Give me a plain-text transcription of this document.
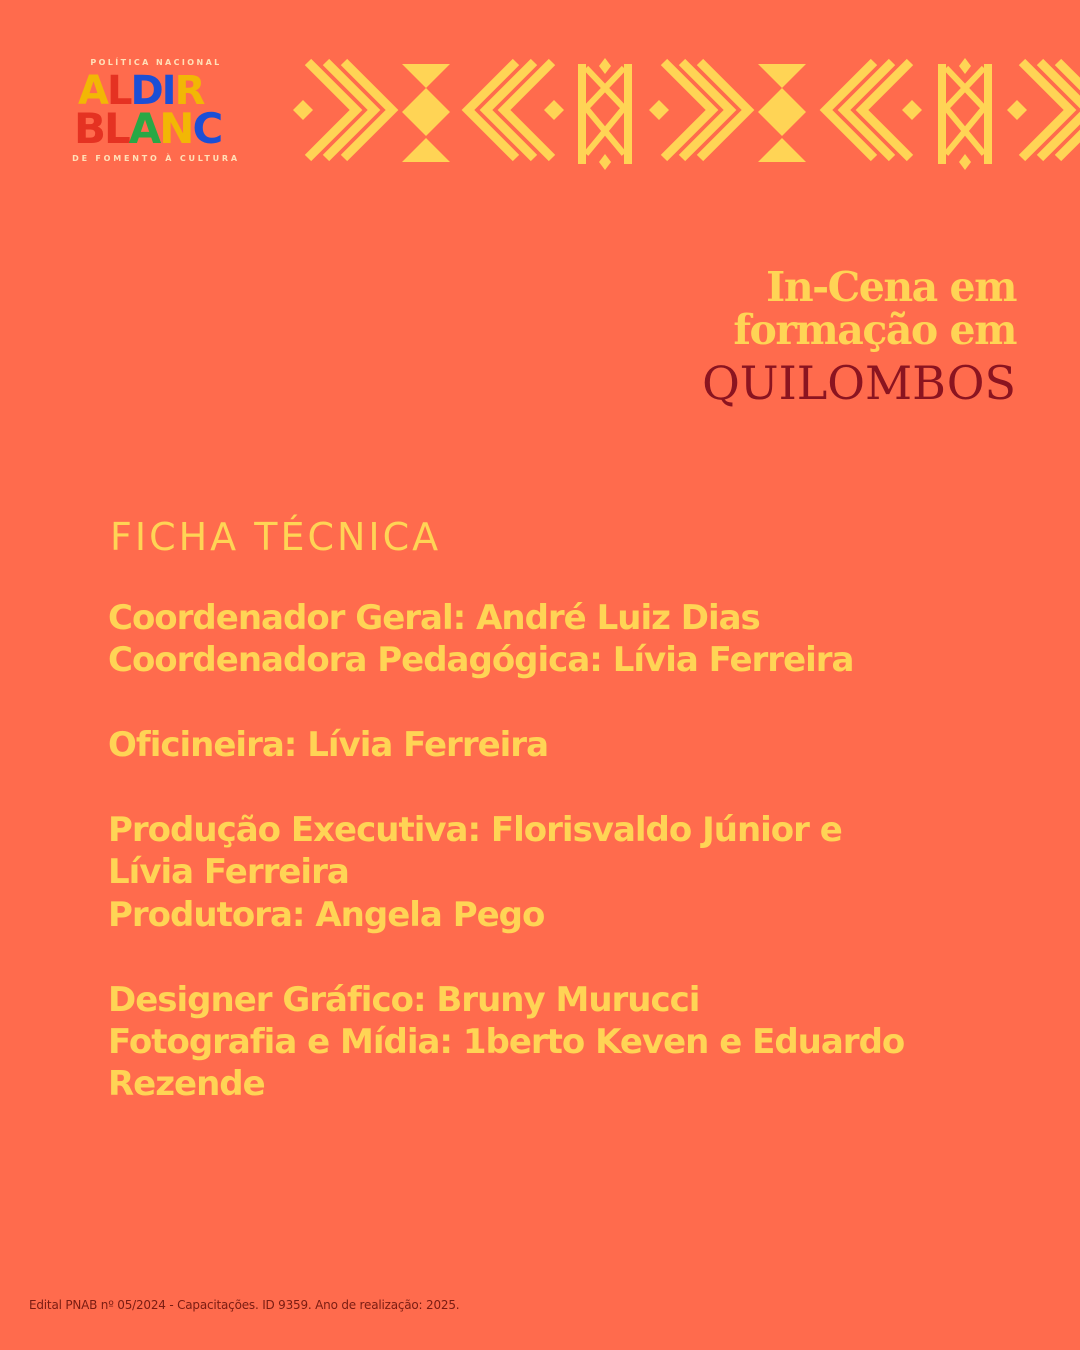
POLÍTICA NACIONAL
ALDIR
BLANC
DE FOMENTO À CULTURA
In-Cena em
formação em
QUILOMBOS
FICHA TÉCNICA
Coordenador Geral: André Luiz Dias
Coordenadora Pedagógica: Lívia Ferreira
Oficineira: Lívia Ferreira
Produção Executiva: Florisvaldo Júnior e
Lívia Ferreira
Produtora: Angela Pego
Designer Gráfico: Bruny Murucci
Fotografia e Mídia: 1berto Keven e Eduardo
Rezende
Edital PNAB nº 05/2024 - Capacitações. ID 9359. Ano de realização: 2025.
